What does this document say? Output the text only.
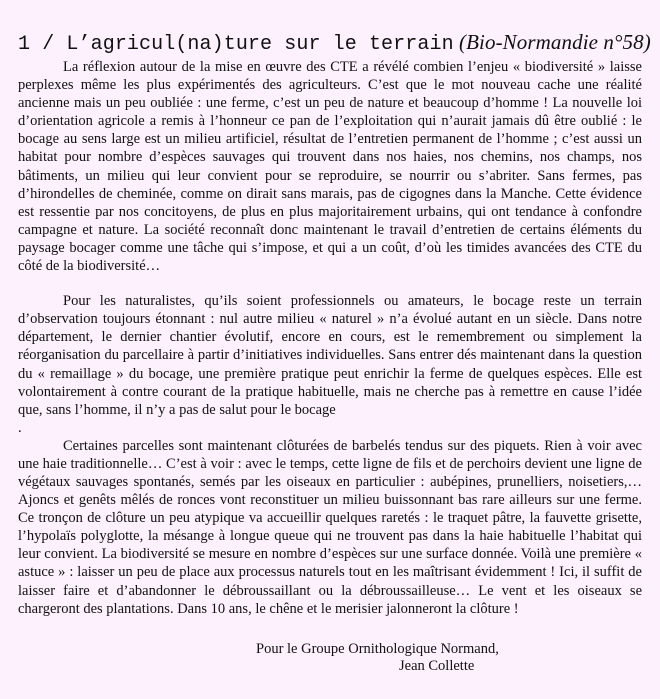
1 / L’agricul(na)ture sur le terrain (Bio-Normandie n°58)

La réflexion autour de la mise en œuvre des CTE a révélé combien l’enjeu « biodiversité » laisse perplexes même les plus expérimentés des agriculteurs. C’est que le mot nouveau cache une réalité ancienne mais un peu oubliée : une ferme, c’est un peu de nature et beaucoup d’homme ! La nouvelle loi d’orientation agricole a remis à l’honneur ce pan de l’exploitation qui n’aurait jamais dû être oublié : le bocage au sens large est un milieu artificiel, résultat de l’entretien permanent de l’homme ; c’est aussi un habitat pour nombre d’espèces sauvages qui trouvent dans nos haies, nos chemins, nos champs, nos bâtiments, un milieu qui leur convient pour se reproduire, se nourrir ou s’abriter. Sans fermes, pas d’hirondelles de cheminée, comme on dirait sans marais, pas de cigognes dans la Manche. Cette évidence est ressentie par nos concitoyens, de plus en plus majoritairement urbains, qui ont tendance à confondre campagne et nature. La société reconnaît donc maintenant le travail d’entretien de certains éléments du paysage bocager comme une tâche qui s’impose, et qui a un coût, d’où les timides avancées des CTE du côté de la biodiversité…

Pour les naturalistes, qu’ils soient professionnels ou amateurs, le bocage reste un terrain d’observation toujours étonnant : nul autre milieu « naturel » n’a évolué autant en un siècle. Dans notre département, le dernier chantier évolutif, encore en cours, est le remembrement ou simplement la réorganisation du parcellaire à partir d’initiatives individuelles. Sans entrer dés maintenant dans la question du « remaillage » du bocage, une première pratique peut enrichir la ferme de quelques espèces. Elle est volontairement à contre courant de la pratique habituelle, mais ne cherche pas à remettre en cause l’idée que, sans l’homme, il n’y a pas de salut pour le bocage

.

Certaines parcelles sont maintenant clôturées de barbelés tendus sur des piquets. Rien à voir avec une haie traditionnelle… C’est à voir : avec le temps, cette ligne de fils et de perchoirs devient une ligne de végétaux sauvages spontanés, semés par les oiseaux en particulier : aubépines, prunelliers, noisetiers,… Ajoncs et genêts mêlés de ronces vont reconstituer un milieu buissonnant bas rare ailleurs sur une ferme. Ce tronçon de clôture un peu atypique va accueillir quelques raretés : le traquet pâtre, la fauvette grisette, l’hypolaïs polyglotte, la mésange à longue queue qui ne trouvent pas dans la haie habituelle l’habitat qui leur convient. La biodiversité se mesure en nombre d’espèces sur une surface donnée. Voilà une première « astuce » : laisser un peu de place aux processus naturels tout en les maîtrisant évidemment ! Ici, il suffit de laisser faire et d’abandonner le débroussaillant ou la débroussailleuse… Le vent et les oiseaux se chargeront des plantations. Dans 10 ans, le chêne et le merisier jalonneront la clôture !

Pour le Groupe Ornithologique Normand,
Jean Collette
